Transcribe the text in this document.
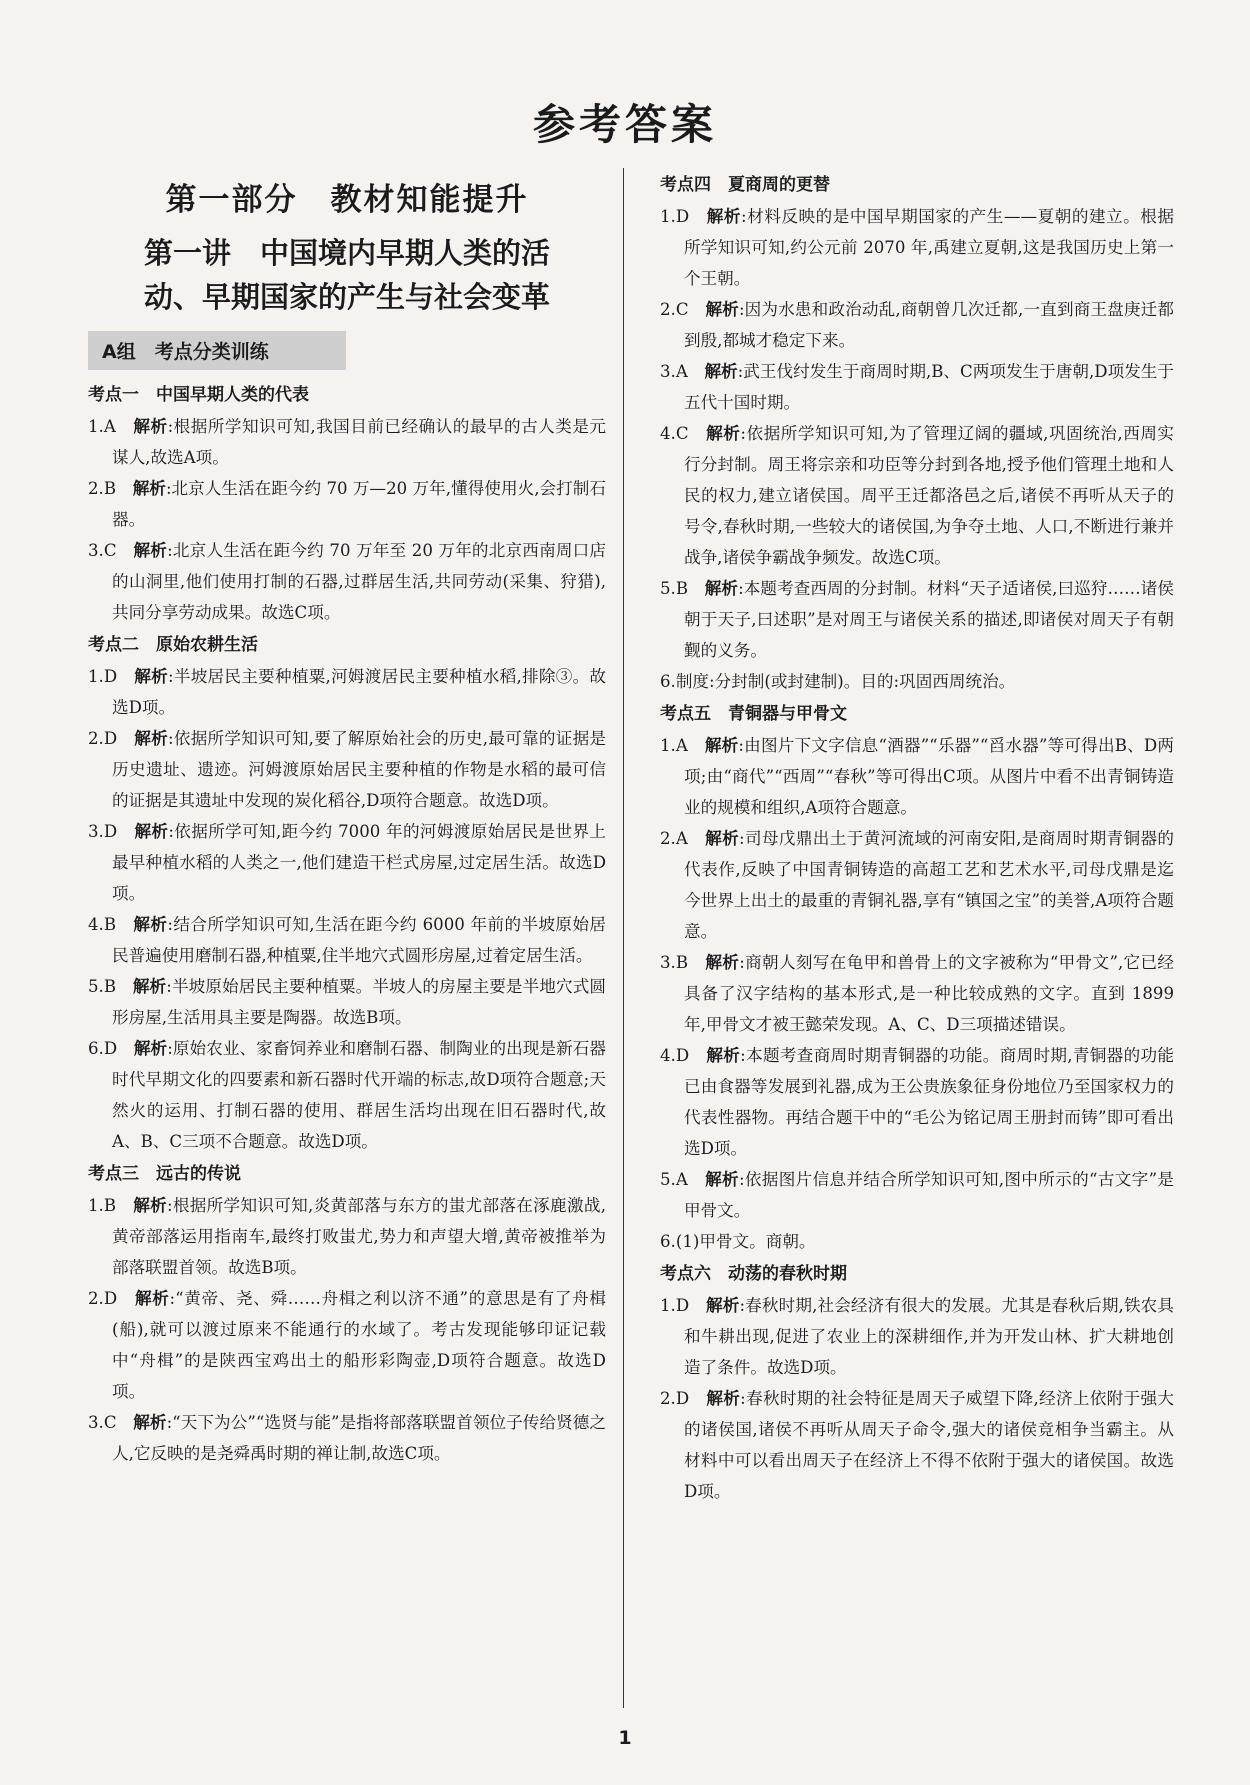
参考答案
第一部分　教材知能提升
第一讲　中国境内早期人类的活
动、早期国家的产生与社会变革
A组　考点分类训练
考点一　中国早期人类的代表
1.A　 解析:根据所学知识可知,我国目前已经确认的最早的古人类是元谋人,故选A项。
2.B　 解析:北京人生活在距今约 70 万—20 万年,懂得使用火,会打制石器。
3.C　 解析:北京人生活在距今约 70 万年至 20 万年的北京西南周口店的山洞里,他们使用打制的石器,过群居生活,共同劳动(采集、狩猎),共同分享劳动成果。故选C项。
考点二　原始农耕生活
1.D　 解析:半坡居民主要种植粟,河姆渡居民主要种植水稻,排除③。故选D项。
2.D　 解析:依据所学知识可知,要了解原始社会的历史,最可靠的证据是历史遗址、遗迹。河姆渡原始居民主要种植的作物是水稻的最可信的证据是其遗址中发现的炭化稻谷,D项符合题意。故选D项。
3.D　 解析:依据所学可知,距今约 7000 年的河姆渡原始居民是世界上最早种植水稻的人类之一,他们建造干栏式房屋,过定居生活。故选D项。
4.B　 解析:结合所学知识可知,生活在距今约 6000 年前的半坡原始居民普遍使用磨制石器,种植粟,住半地穴式圆形房屋,过着定居生活。
5.B　 解析:半坡原始居民主要种植粟。半坡人的房屋主要是半地穴式圆形房屋,生活用具主要是陶器。故选B项。
6.D　 解析:原始农业、家畜饲养业和磨制石器、制陶业的出现是新石器时代早期文化的四要素和新石器时代开端的标志,故D项符合题意;天然火的运用、打制石器的使用、群居生活均出现在旧石器时代,故A、B、C三项不合题意。故选D项。
考点三　远古的传说
1.B　 解析:根据所学知识可知,炎黄部落与东方的蚩尤部落在涿鹿激战,黄帝部落运用指南车,最终打败蚩尤,势力和声望大增,黄帝被推举为部落联盟首领。故选B项。
2.D　 解析:“黄帝、尧、舜……舟楫之利以济不通”的意思是有了舟楫(船),就可以渡过原来不能通行的水域了。考古发现能够印证记载中“舟楫”的是陕西宝鸡出土的船形彩陶壶,D项符合题意。故选D项。
3.C　 解析:“天下为公”“选贤与能”是指将部落联盟首领位子传给贤德之人,它反映的是尧舜禹时期的禅让制,故选C项。
考点四　夏商周的更替
1.D　 解析:材料反映的是中国早期国家的产生——夏朝的建立。根据所学知识可知,约公元前 2070 年,禹建立夏朝,这是我国历史上第一个王朝。
2.C　 解析:因为水患和政治动乱,商朝曾几次迁都,一直到商王盘庚迁都到殷,都城才稳定下来。
3.A　 解析:武王伐纣发生于商周时期,B、C两项发生于唐朝,D项发生于五代十国时期。
4.C　 解析:依据所学知识可知,为了管理辽阔的疆域,巩固统治,西周实行分封制。周王将宗亲和功臣等分封到各地,授予他们管理土地和人民的权力,建立诸侯国。周平王迁都洛邑之后,诸侯不再听从天子的号令,春秋时期,一些较大的诸侯国,为争夺土地、人口,不断进行兼并战争,诸侯争霸战争频发。故选C项。
5.B　 解析:本题考查西周的分封制。材料“天子适诸侯,曰巡狩……诸侯朝于天子,曰述职”是对周王与诸侯关系的描述,即诸侯对周天子有朝觐的义务。
6.制度:分封制(或封建制)。目的:巩固西周统治。
考点五　青铜器与甲骨文
1.A　 解析:由图片下文字信息“酒器”“乐器”“舀水器”等可得出B、D两项;由“商代”“西周”“春秋”等可得出C项。从图片中看不出青铜铸造业的规模和组织,A项符合题意。
2.A　 解析:司母戊鼎出土于黄河流域的河南安阳,是商周时期青铜器的代表作,反映了中国青铜铸造的高超工艺和艺术水平,司母戊鼎是迄今世界上出土的最重的青铜礼器,享有“镇国之宝”的美誉,A项符合题意。
3.B　 解析:商朝人刻写在龟甲和兽骨上的文字被称为“甲骨文”,它已经具备了汉字结构的基本形式,是一种比较成熟的文字。直到 1899 年,甲骨文才被王懿荣发现。A、C、D三项描述错误。
4.D　 解析:本题考查商周时期青铜器的功能。商周时期,青铜器的功能已由食器等发展到礼器,成为王公贵族象征身份地位乃至国家权力的代表性器物。再结合题干中的“毛公为铭记周王册封而铸”即可看出选D项。
5.A　 解析:依据图片信息并结合所学知识可知,图中所示的“古文字”是甲骨文。
6.(1)甲骨文。商朝。
考点六　动荡的春秋时期
1.D　 解析:春秋时期,社会经济有很大的发展。尤其是春秋后期,铁农具和牛耕出现,促进了农业上的深耕细作,并为开发山林、扩大耕地创造了条件。故选D项。
2.D　 解析:春秋时期的社会特征是周天子威望下降,经济上依附于强大的诸侯国,诸侯不再听从周天子命令,强大的诸侯竞相争当霸主。从材料中可以看出周天子在经济上不得不依附于强大的诸侯国。故选D项。
1
